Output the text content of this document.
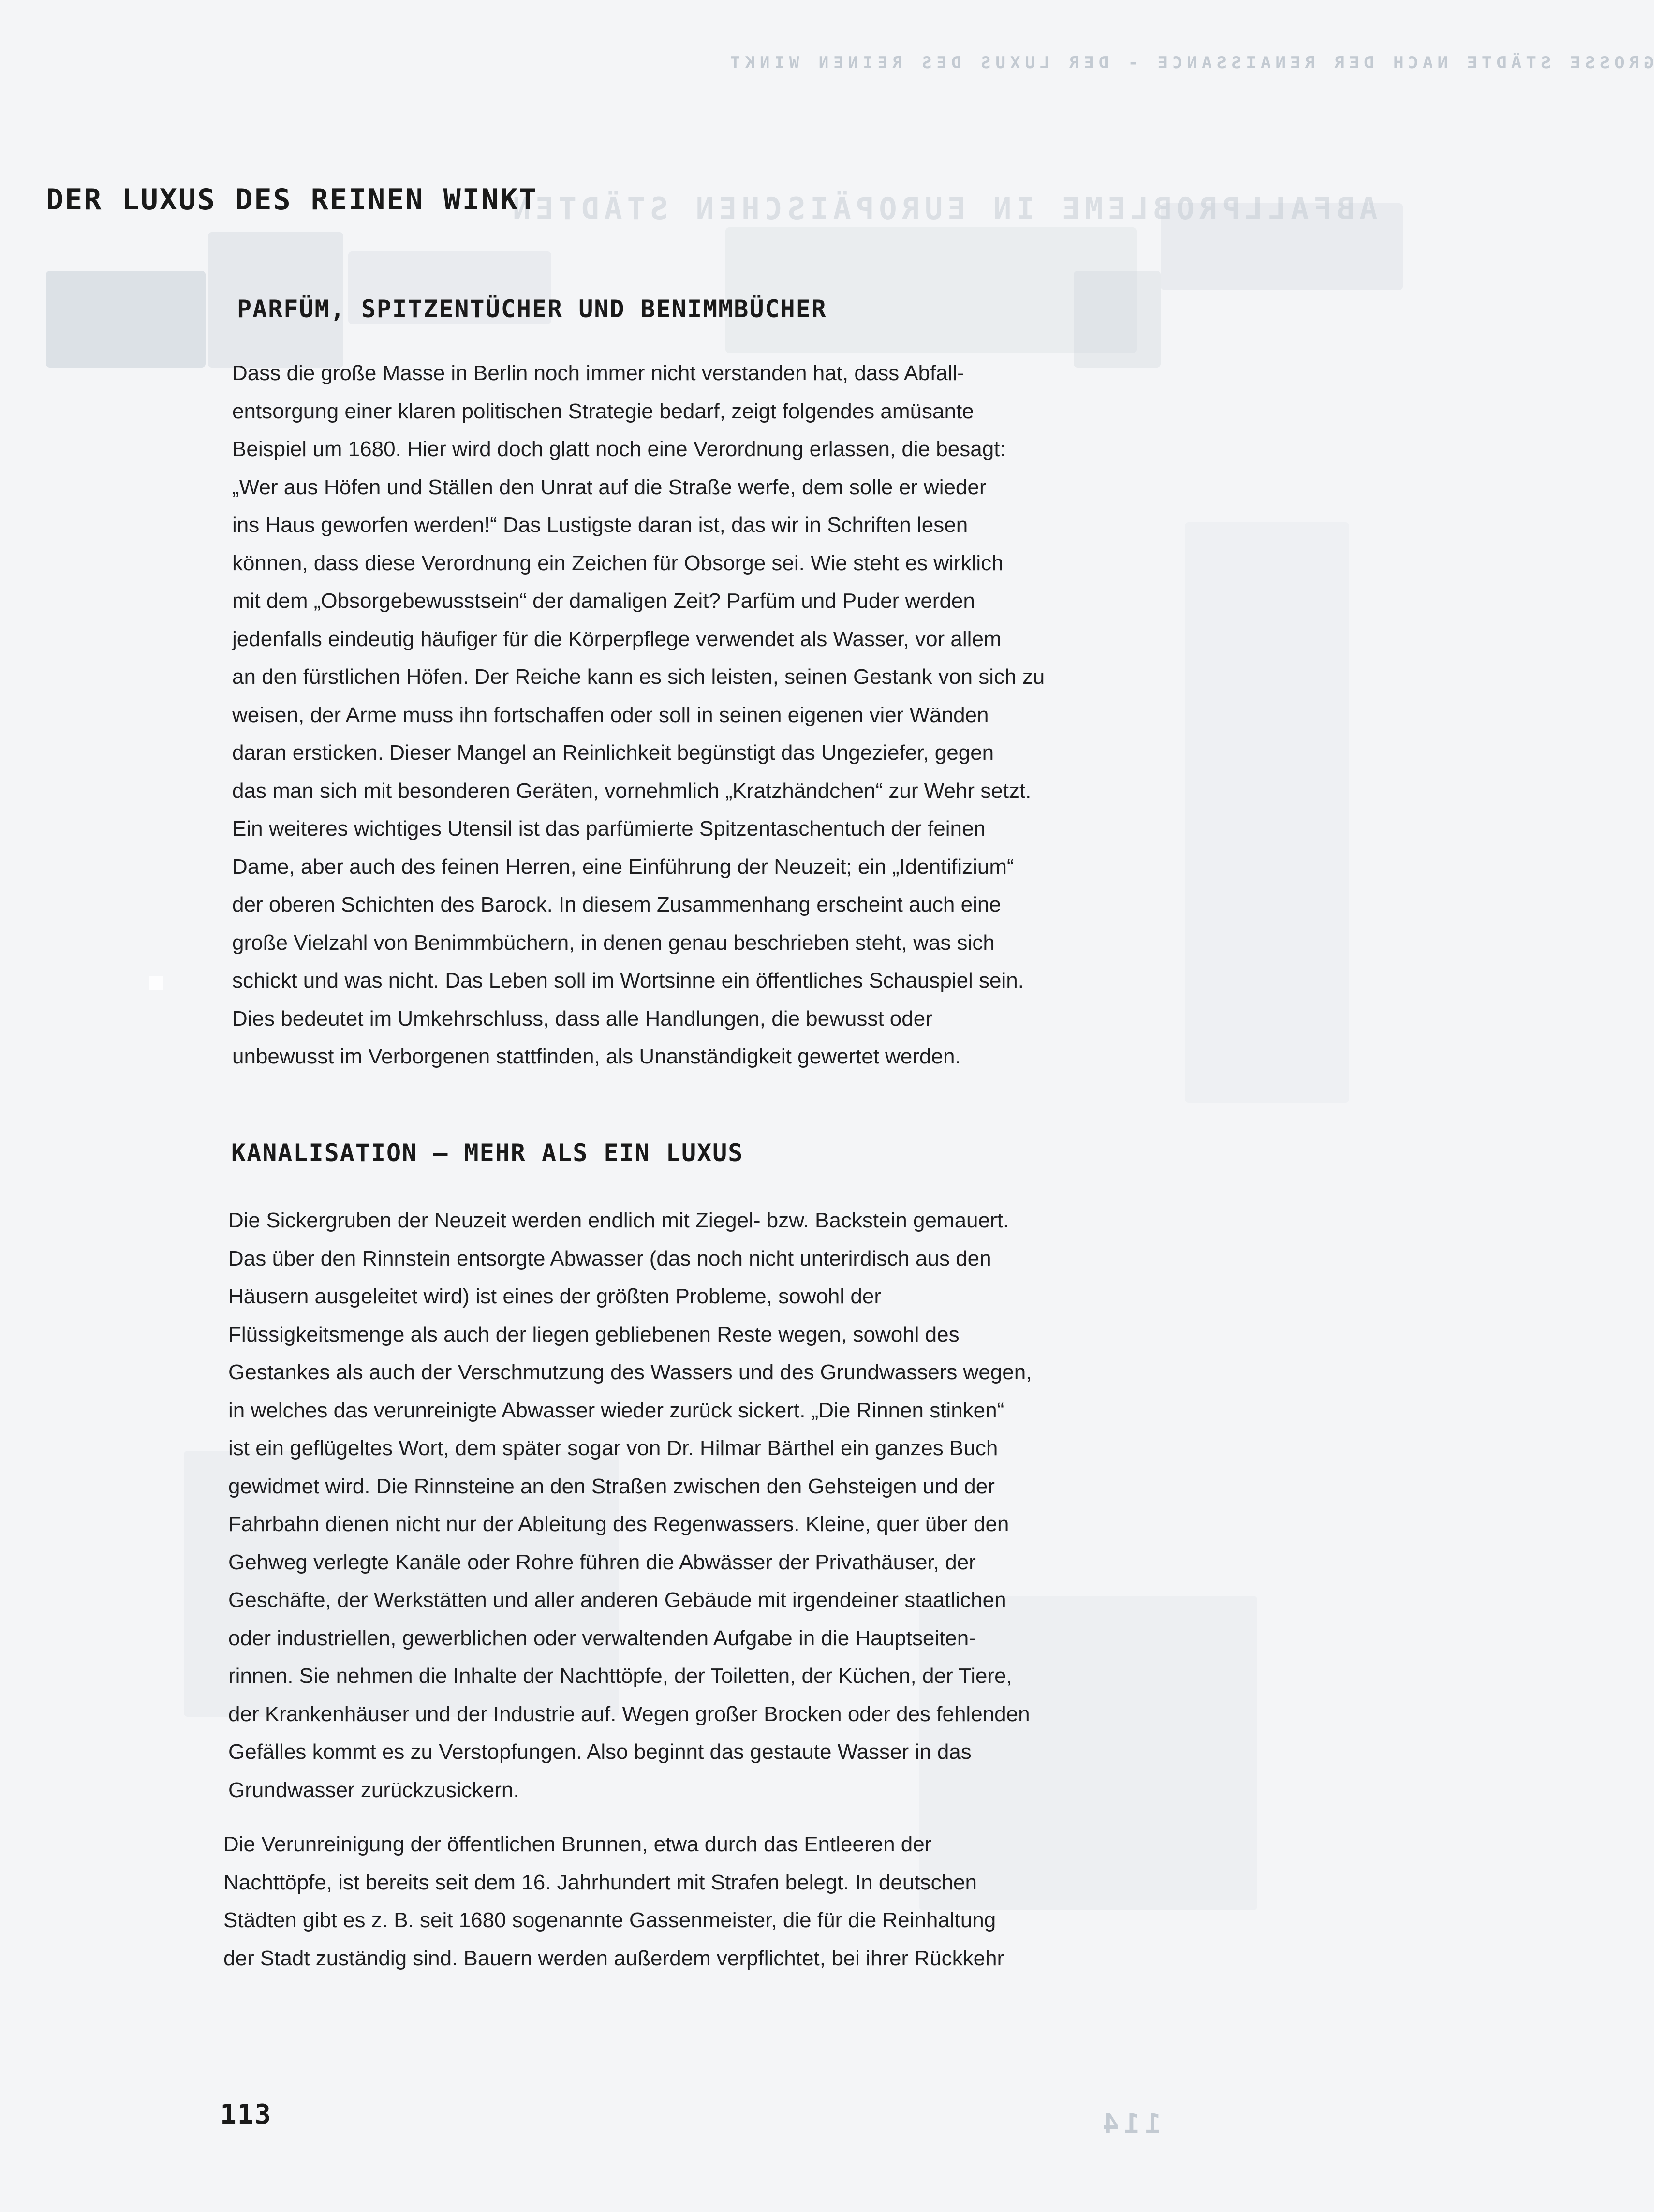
GROSSE STÄDTE NACH DER RENAISSANCE - DER LUXUS DES REINEN WINKT
ABFALLPROBLEME IN EUROPÄISCHEN STÄDTEN
114
DER LUXUS DES REINEN WINKT
PARFÜM, SPITZENTÜCHER UND BENIMMBÜCHER
Dass die große Masse in Berlin noch immer nicht verstanden hat, dass Abfall-
entsorgung einer klaren politischen Strategie bedarf, zeigt folgendes amüsante
Beispiel um 1680. Hier wird doch glatt noch eine Verordnung erlassen, die besagt:
„Wer aus Höfen und Ställen den Unrat auf die Straße werfe, dem solle er wieder
ins Haus geworfen werden!“ Das Lustigste daran ist, das wir in Schriften lesen
können, dass diese Verordnung ein Zeichen für Obsorge sei. Wie steht es wirklich
mit dem „Obsorgebewusstsein“ der damaligen Zeit? Parfüm und Puder werden
jedenfalls eindeutig häufiger für die Körperpflege verwendet als Wasser, vor allem
an den fürstlichen Höfen. Der Reiche kann es sich leisten, seinen Gestank von sich zu
weisen, der Arme muss ihn fortschaffen oder soll in seinen eigenen vier Wänden
daran ersticken. Dieser Mangel an Reinlichkeit begünstigt das Ungeziefer, gegen
das man sich mit besonderen Geräten, vornehmlich „Kratzhändchen“ zur Wehr setzt.
Ein weiteres wichtiges Utensil ist das parfümierte Spitzentaschentuch der feinen
Dame, aber auch des feinen Herren, eine Einführung der Neuzeit; ein „Identifizium“
der oberen Schichten des Barock. In diesem Zusammenhang erscheint auch eine
große Vielzahl von Benimmbüchern, in denen genau beschrieben steht, was sich
schickt und was nicht. Das Leben soll im Wortsinne ein öffentliches Schauspiel sein.
Dies bedeutet im Umkehrschluss, dass alle Handlungen, die bewusst oder
unbewusst im Verborgenen stattfinden, als Unanständigkeit gewertet werden.
KANALISATION – MEHR ALS EIN LUXUS
Die Sickergruben der Neuzeit werden endlich mit Ziegel- bzw. Backstein gemauert.
Das über den Rinnstein entsorgte Abwasser (das noch nicht unterirdisch aus den
Häusern ausgeleitet wird) ist eines der größten Probleme, sowohl der
Flüssigkeitsmenge als auch der liegen gebliebenen Reste wegen, sowohl des
Gestankes als auch der Verschmutzung des Wassers und des Grundwassers wegen,
in welches das verunreinigte Abwasser wieder zurück sickert. „Die Rinnen stinken“
ist ein geflügeltes Wort, dem später sogar von Dr. Hilmar Bärthel ein ganzes Buch
gewidmet wird. Die Rinnsteine an den Straßen zwischen den Gehsteigen und der
Fahrbahn dienen nicht nur der Ableitung des Regenwassers. Kleine, quer über den
Gehweg verlegte Kanäle oder Rohre führen die Abwässer der Privathäuser, der
Geschäfte, der Werkstätten und aller anderen Gebäude mit irgendeiner staatlichen
oder industriellen, gewerblichen oder verwaltenden Aufgabe in die Hauptseiten-
rinnen. Sie nehmen die Inhalte der Nachttöpfe, der Toiletten, der Küchen, der Tiere,
der Krankenhäuser und der Industrie auf. Wegen großer Brocken oder des fehlenden
Gefälles kommt es zu Verstopfungen. Also beginnt das gestaute Wasser in das
Grundwasser zurückzusickern.
Die Verunreinigung der öffentlichen Brunnen, etwa durch das Entleeren der
Nachttöpfe, ist bereits seit dem 16. Jahrhundert mit Strafen belegt. In deutschen
Städten gibt es z. B. seit 1680 sogenannte Gassenmeister, die für die Reinhaltung
der Stadt zuständig sind. Bauern werden außerdem verpflichtet, bei ihrer Rückkehr
113
